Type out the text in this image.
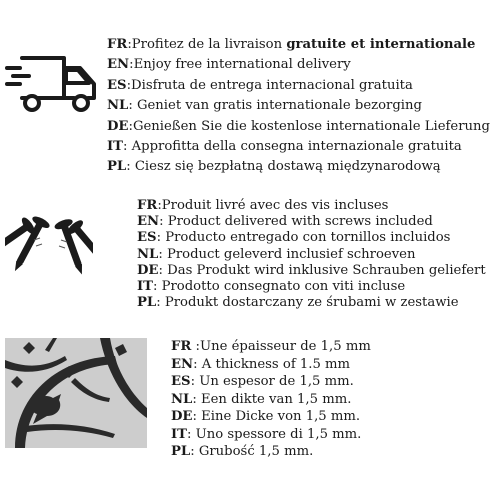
FR:Profitez de la livraison gratuite et internationale
EN:Enjoy free international delivery
ES:Disfruta de entrega internacional gratuita
NL: Geniet van gratis internationale bezorging
DE:Genießen Sie die kostenlose internationale Lieferung
IT: Approfitta della consegna internazionale gratuita
PL: Ciesz się bezpłatną dostawą międzynarodową
FR:Produit livré avec des vis incluses
EN: Product delivered with screws included
ES: Producto entregado con tornillos incluidos
NL: Product geleverd inclusief schroeven
DE: Das Produkt wird inklusive Schrauben geliefert
IT: Prodotto consegnato con viti incluse
PL: Produkt dostarczany ze śrubami w zestawie
FR :Une épaisseur de 1,5 mm
EN: A thickness of 1.5 mm
ES: Un espesor de 1,5 mm.
NL: Een dikte van 1,5 mm.
DE: Eine Dicke von 1,5 mm.
IT: Uno spessore di 1,5 mm.
PL: Grubość 1,5 mm.
